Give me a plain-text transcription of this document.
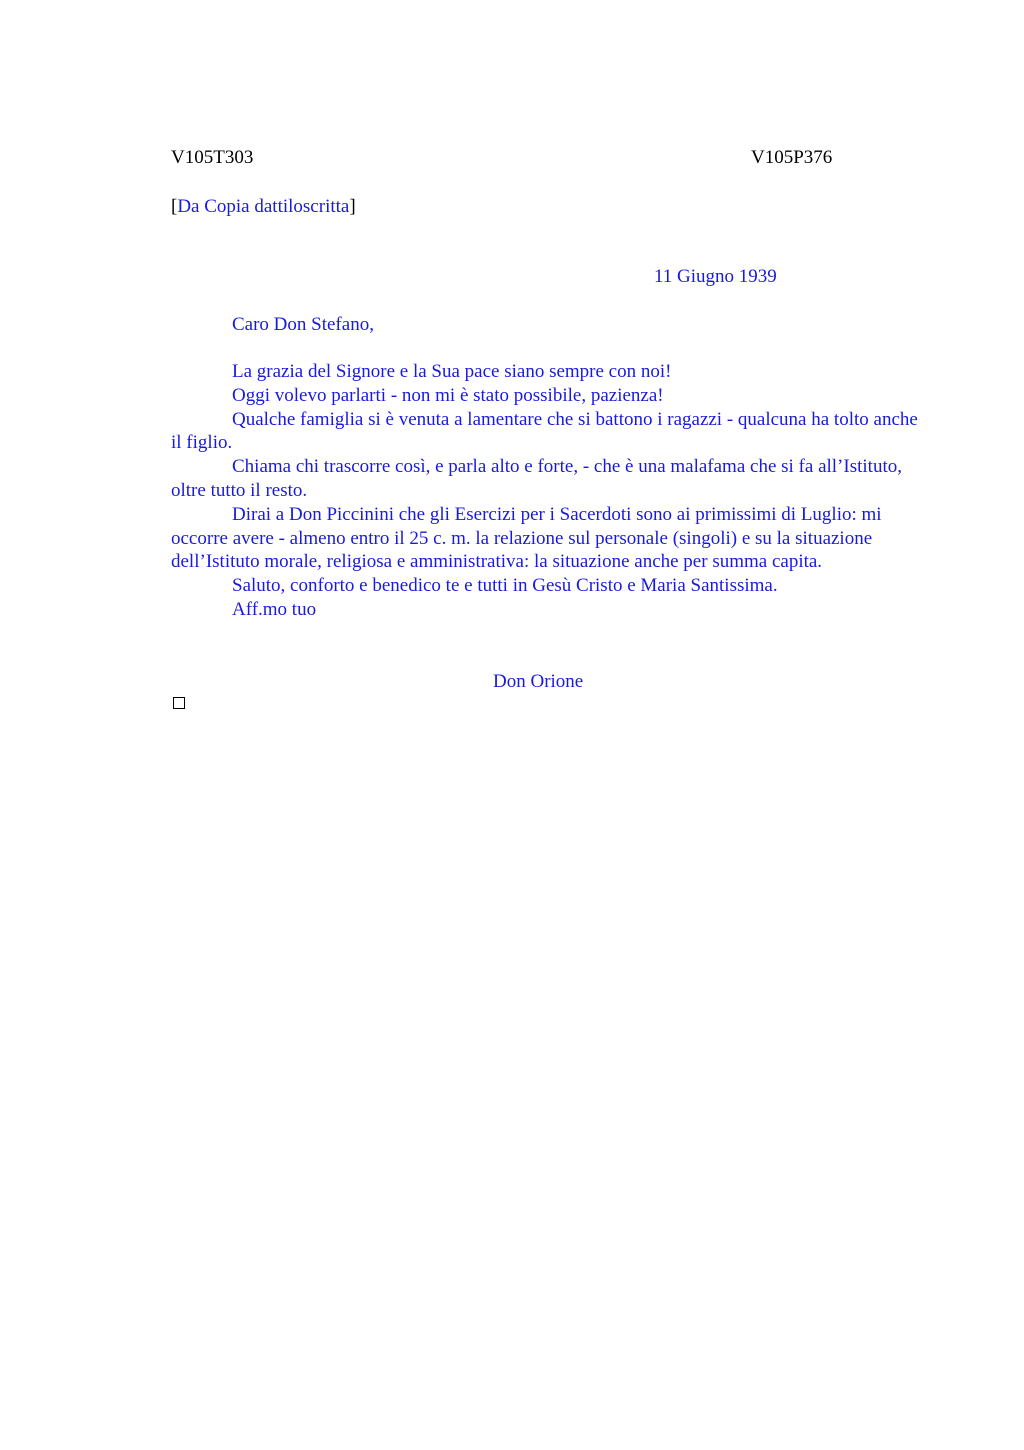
V105T303	V105P376
[Da Copia dattiloscritta]
11 Giugno 1939
Caro Don Stefano,

La grazia del Signore e la Sua pace siano sempre con noi!

Oggi volevo parlarti - non mi è stato possibile, pazienza!

Qualche famiglia si è venuta a lamentare che si battono i ragazzi - qualcuna ha tolto anche il figlio.

Chiama chi trascorre così, e parla alto e forte, - che è una malafama che si fa all’Istituto, oltre tutto il resto.

Dirai a Don Piccinini che gli Esercizi per i Sacerdoti sono ai primissimi di Luglio: mi occorre avere - almeno entro il 25 c. m. la relazione sul personale (singoli) e su la situazione dell’Istituto morale, religiosa e amministrativa: la situazione anche per summa capita.

Saluto, conforto e benedico te e tutti in Gesù Cristo e Maria Santissima.

Aff.mo tuo

Don Orione
